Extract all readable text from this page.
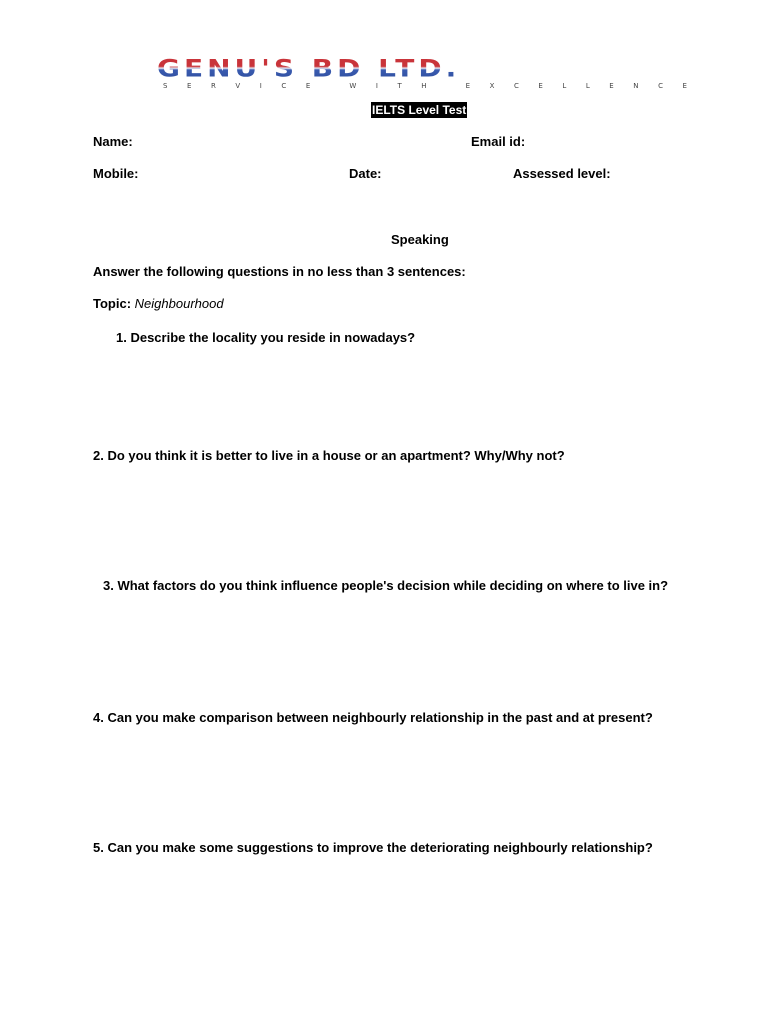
GENU'S BD LTD.
S	E	R	V	I	C	E	W	I	T	H	E	X	C	E	L	L	E	N	C	E
IELTS Level Test
Name:	Email id:
Mobile:	Date:	Assessed level:
Speaking
Answer the following questions in no less than 3 sentences:
Topic: Neighbourhood
1. Describe the locality you reside in nowadays?
2. Do you think it is better to live in a house or an apartment? Why/Why not?
3. What factors do you think influence people's decision while deciding on where to live in?
4. Can you make comparison between neighbourly relationship in the past and at present?
5. Can you make some suggestions to improve the deteriorating neighbourly relationship?
